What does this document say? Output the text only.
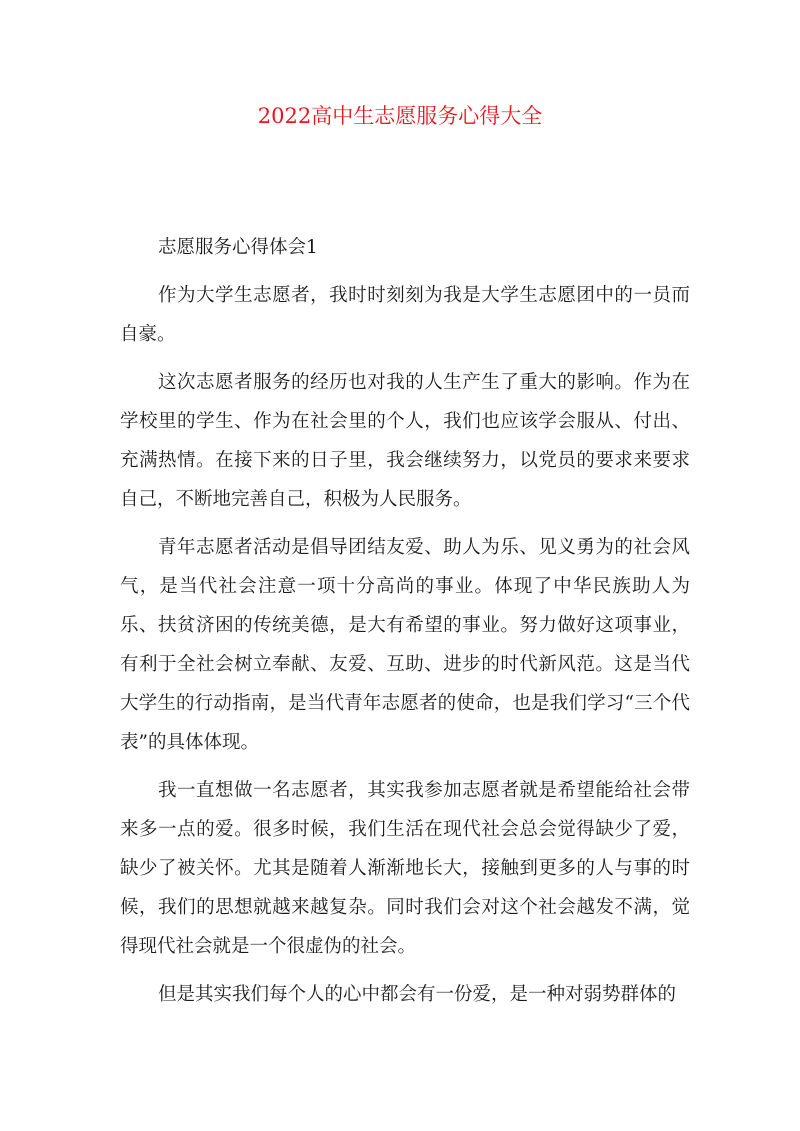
2022高中生志愿服务心得大全

志愿服务心得体会1

作为大学生志愿者，我时时刻刻为我是大学生志愿团中的一员而自豪。

这次志愿者服务的经历也对我的人生产生了重大的影响。作为在学校里的学生、作为在社会里的个人，我们也应该学会服从、付出、充满热情。在接下来的日子里，我会继续努力，以党员的要求来要求自己，不断地完善自己，积极为人民服务。

青年志愿者活动是倡导团结友爱、助人为乐、见义勇为的社会风气，是当代社会注意一项十分高尚的事业。体现了中华民族助人为乐、扶贫济困的传统美德，是大有希望的事业。努力做好这项事业，有利于全社会树立奉献、友爱、互助、进步的时代新风范。这是当代大学生的行动指南，是当代青年志愿者的使命，也是我们学习“三个代表”的具体体现。

我一直想做一名志愿者，其实我参加志愿者就是希望能给社会带来多一点的爱。很多时候，我们生活在现代社会总会觉得缺少了爱，缺少了被关怀。尤其是随着人渐渐地长大，接触到更多的人与事的时候，我们的思想就越来越复杂。同时我们会对这个社会越发不满，觉得现代社会就是一个很虚伪的社会。

但是其实我们每个人的心中都会有一份爱，是一种对弱势群体的
